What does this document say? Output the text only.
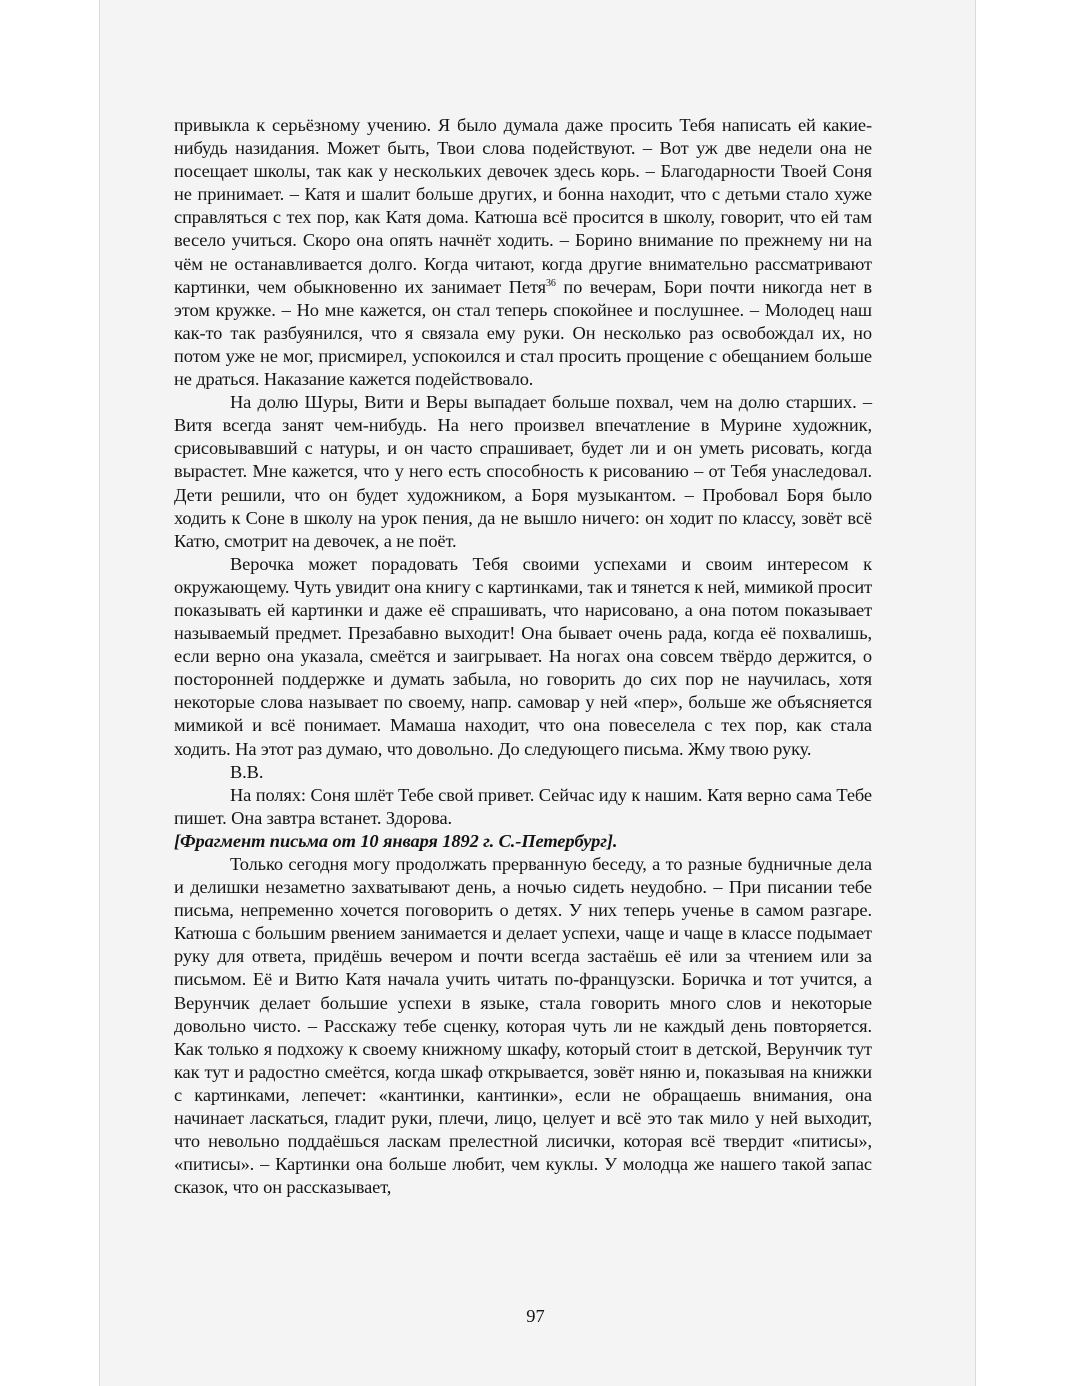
привыкла к серьёзному учению. Я было думала даже просить Тебя написать ей какие-нибудь назидания. Может быть, Твои слова подействуют. – Вот уж две недели она не посещает школы, так как у нескольких девочек здесь корь. – Благодарности Твоей Соня не принимает. – Катя и шалит больше других, и бонна находит, что с детьми стало хуже справляться с тех пор, как Катя дома. Катюша всё просится в школу, говорит, что ей там весело учиться. Скоро она опять начнёт ходить. – Борино внимание по прежнему ни на чём не останавливается долго. Когда читают, когда другие внимательно рассматривают картинки, чем обыкновенно их занимает Петя$^{36}$ по вечерам, Бори почти никогда нет в этом кружке. – Но мне кажется, он стал теперь спокойнее и послушнее. – Молодец наш как-то так разбуянился, что я связала ему руки. Он несколько раз освобождал их, но потом уже не мог, присмирел, успокоился и стал просить прощение с обещанием больше не драться. Наказание кажется подействовало.

На долю Шуры, Вити и Веры выпадает больше похвал, чем на долю старших. – Витя всегда занят чем-нибудь. На него произвел впечатление в Мурине художник, срисовывавший с натуры, и он часто спрашивает, будет ли и он уметь рисовать, когда вырастет. Мне кажется, что у него есть способность к рисованию – от Тебя унаследовал. Дети решили, что он будет художником, а Боря музыкантом. – Пробовал Боря было ходить к Соне в школу на урок пения, да не вышло ничего: он ходит по классу, зовёт всё Катю, смотрит на девочек, а не поёт.

Верочка может порадовать Тебя своими успехами и своим интересом к окружающему. Чуть увидит она книгу с картинками, так и тянется к ней, мимикой просит показывать ей картинки и даже её спрашивать, что нарисовано, а она потом показывает называемый предмет. Презабавно выходит! Она бывает очень рада, когда её похвалишь, если верно она указала, смеётся и заигрывает. На ногах она совсем твёрдо держится, о посторонней поддержке и думать забыла, но говорить до сих пор не научилась, хотя некоторые слова называет по своему, напр. самовар у ней «пер», больше же объясняется мимикой и всё понимает. Мамаша находит, что она повеселела с тех пор, как стала ходить. На этот раз думаю, что довольно. До следующего письма. Жму твою руку.

В.В.

На полях: Соня шлёт Тебе свой привет. Сейчас иду к нашим. Катя верно сама Тебе пишет. Она завтра встанет. Здорова.

[Фрагмент письма от 10 января 1892 г. С.-Петербург].

Только сегодня могу продолжать прерванную беседу, а то разные будничные дела и делишки незаметно захватывают день, а ночью сидеть неудобно. – При писании тебе письма, непременно хочется поговорить о детях. У них теперь ученье в самом разгаре. Катюша с большим рвением занимается и делает успехи, чаще и чаще в классе подымает руку для ответа, придёшь вечером и почти всегда застаёшь её или за чтением или за письмом. Её и Витю Катя начала учить читать по-французски. Боричка и тот учится, а Верунчик делает большие успехи в языке, стала говорить много слов и некоторые довольно чисто. – Расскажу тебе сценку, которая чуть ли не каждый день повторяется. Как только я подхожу к своему книжному шкафу, который стоит в детской, Верунчик тут как тут и радостно смеётся, когда шкаф открывается, зовёт няню и, показывая на книжки с картинками, лепечет: «кантинки, кантинки», если не обращаешь внимания, она начинает ласкаться, гладит руки, плечи, лицо, целует и всё это так мило у ней выходит, что невольно поддаёшься ласкам прелестной лисички, которая всё твердит «питисы», «питисы». – Картинки она больше любит, чем куклы. У молодца же нашего такой запас сказок, что он рассказывает,

97
